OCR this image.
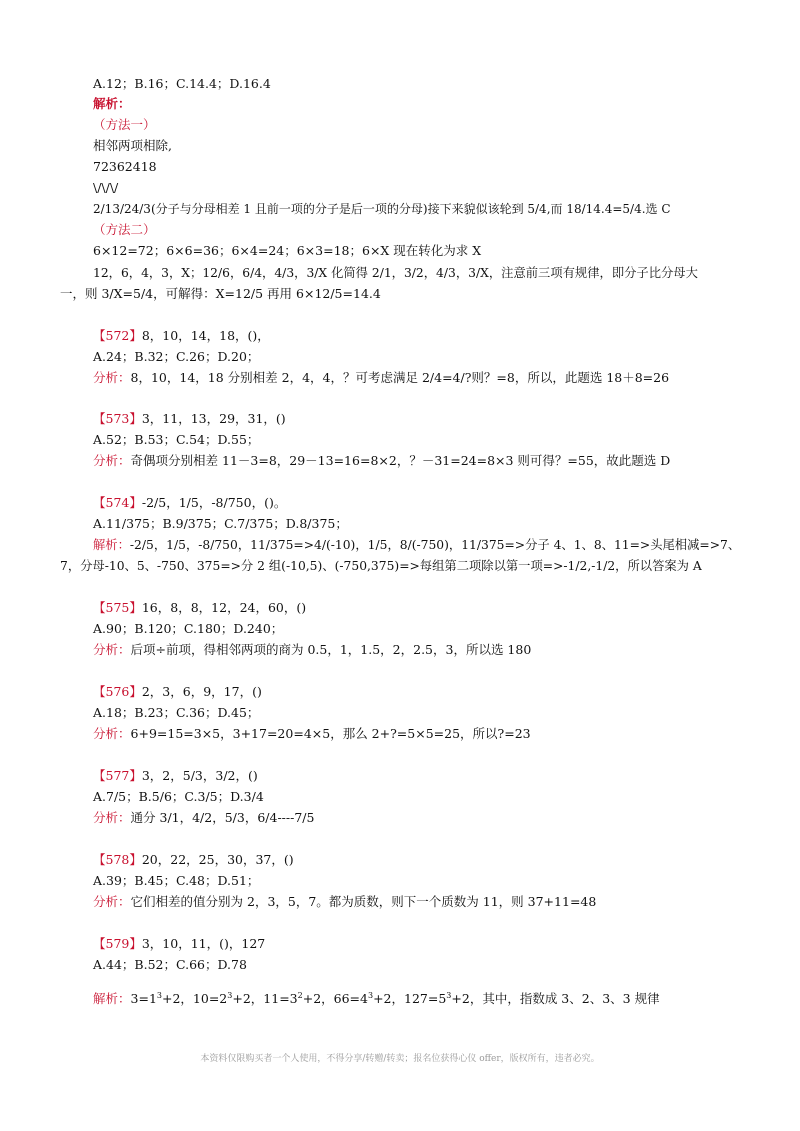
A.12；B.16；C.14.4；D.16.4
解析：
（方法一）
相邻两项相除,
72362418
\/\/\/
2/13/24/3(分子与分母相差 1 且前一项的分子是后一项的分母)接下来貌似该轮到 5/4,而 18/14.4=5/4.选 C
（方法二）
6×12=72；6×6=36；6×4=24；6×3=18；6×X 现在转化为求 X
12，6，4，3，X；12/6，6/4，4/3，3/X 化简得 2/1，3/2，4/3，3/X，注意前三项有规律，即分子比分母大
一，则 3/X=5/4，可解得：X=12/5 再用 6×12/5=14.4
【572】8，10，14，18，()，
A.24；B.32；C.26；D.20；
分析：8，10，14，18 分别相差 2，4，4，？可考虑满足 2/4=4/?则？=8，所以，此题选 18＋8=26
【573】3，11，13，29，31，()
A.52；B.53；C.54；D.55；
分析：奇偶项分别相差 11－3=8，29－13=16=8×2，？－31=24=8×3 则可得？=55，故此题选 D
【574】-2/5，1/5，-8/750，()。
A.11/375；B.9/375；C.7/375；D.8/375；
解析：-2/5，1/5，-8/750，11/375=>4/(-10)，1/5，8/(-750)，11/375=>分子 4、1、8、11=>头尾相减=>7、
7，分母-10、5、-750、375=>分 2 组(-10,5)、(-750,375)=>每组第二项除以第一项=>-1/2,-1/2，所以答案为 A
【575】16，8，8，12，24，60，()
A.90；B.120；C.180；D.240；
分析：后项÷前项，得相邻两项的商为 0.5，1，1.5，2，2.5，3，所以选 180
【576】2，3，6，9，17，()
A.18；B.23；C.36；D.45；
分析：6+9=15=3×5，3+17=20=4×5，那么 2+?=5×5=25，所以?=23
【577】3，2，5/3，3/2，()
A.7/5；B.5/6；C.3/5；D.3/4
分析：通分 3/1，4/2，5/3，6/4----7/5
【578】20，22，25，30，37，()
A.39；B.45；C.48；D.51；
分析：它们相差的值分别为 2，3，5，7。都为质数，则下一个质数为 11，则 37+11=48
【579】3，10，11，()，127
A.44；B.52；C.66；D.78
解析：$3=1^3+2$，$10=2^3+2$，$11=3^2+2$，$66=4^3+2$，$127=5^3+2$，其中，指数成 3、2、3、3 规律
本资料仅限购买者一个人使用，不得分享/转赠/转卖；报名位获得心仪 offer，版权所有，违者必究。
